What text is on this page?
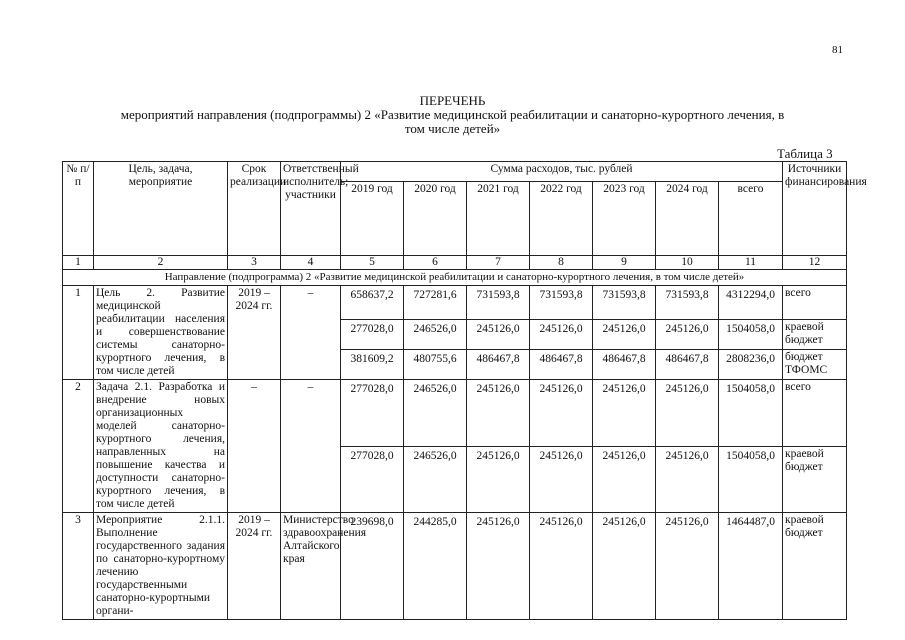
81
ПЕРЕЧЕНЬ
мероприятий направления (подпрограммы) 2 «Развитие медицинской реабилитации и санаторно-курортного лечения, в
том числе детей»
Таблица 3
№ п/п	Цель, задача, мероприятие	Срок реализации	Ответственный исполнитель; участники	Сумма расходов, тыс. рублей							Источники финансирования
				2019 год	2020 год	2021 год	2022 год	2023 год	2024 год	всего	
1	2	3	4	5	6	7	8	9	10	11	12
Направление (подпрограмма) 2 «Развитие медицинской реабилитации и санаторно-курортного лечения, в том числе детей»											
1	Цель 2. Развитие медицинской реабилитации населения и совершенствование системы санаторно-курортного лечения, в том числе детей	2019 – 2024 гг.	–	658637,2	727281,6	731593,8	731593,8	731593,8	731593,8	4312294,0	всего
				277028,0	246526,0	245126,0	245126,0	245126,0	245126,0	1504058,0	краевой бюджет
				381609,2	480755,6	486467,8	486467,8	486467,8	486467,8	2808236,0	бюджет ТФОМС
2	Задача 2.1. Разработка и внедрение новых организационных моделей санаторно-курортного лечения, направленных на повышение качества и доступности санаторно-курортного лечения, в том числе детей	–	–	277028,0	246526,0	245126,0	245126,0	245126,0	245126,0	1504058,0	всего
				277028,0	246526,0	245126,0	245126,0	245126,0	245126,0	1504058,0	краевой бюджет
3	Мероприятие 2.1.1. Выполнение государственного задания по санаторно-курортному лечению государственными санаторно-курортными органи-	2019 – 2024 гг.	Министерство здравоохранения Алтайского края	239698,0	244285,0	245126,0	245126,0	245126,0	245126,0	1464487,0	краевой бюджет
